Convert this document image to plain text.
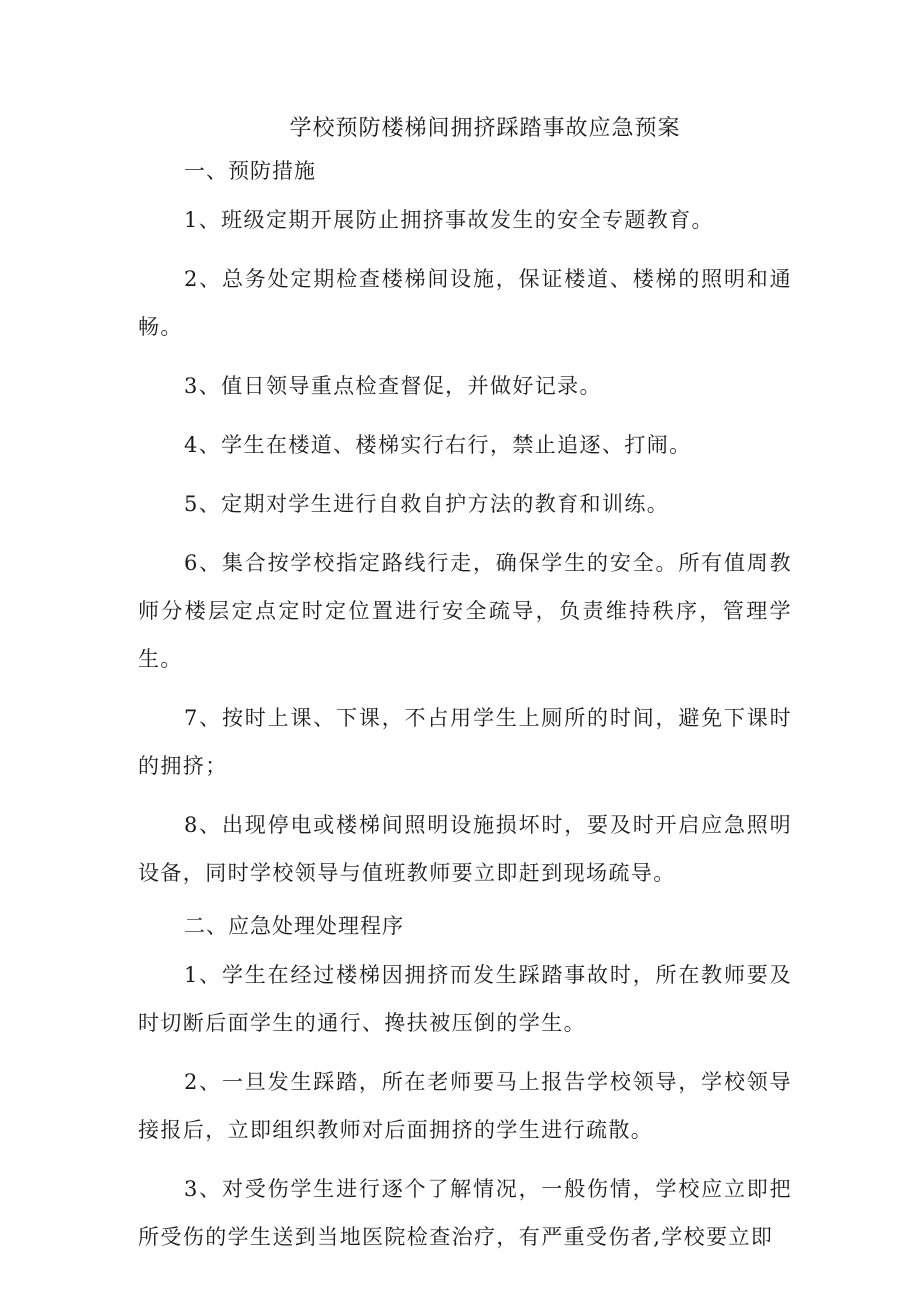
学校预防楼梯间拥挤踩踏事故应急预案

一、预防措施

1、班级定期开展防止拥挤事故发生的安全专题教育。

2、总务处定期检查楼梯间设施，保证楼道、楼梯的照明和通畅。

3、值日领导重点检查督促，并做好记录。

4、学生在楼道、楼梯实行右行，禁止追逐、打闹。

5、定期对学生进行自救自护方法的教育和训练。

6、集合按学校指定路线行走，确保学生的安全。所有值周教师分楼层定点定时定位置进行安全疏导，负责维持秩序，管理学生。

7、按时上课、下课，不占用学生上厕所的时间，避免下课时的拥挤；

8、出现停电或楼梯间照明设施损坏时，要及时开启应急照明设备，同时学校领导与值班教师要立即赶到现场疏导。

二、应急处理处理程序

1、学生在经过楼梯因拥挤而发生踩踏事故时，所在教师要及时切断后面学生的通行、搀扶被压倒的学生。

2、一旦发生踩踏，所在老师要马上报告学校领导，学校领导接报后，立即组织教师对后面拥挤的学生进行疏散。

3、对受伤学生进行逐个了解情况，一般伤情，学校应立即把所受伤的学生送到当地医院检查治疗，有严重受伤者,学校要立即
